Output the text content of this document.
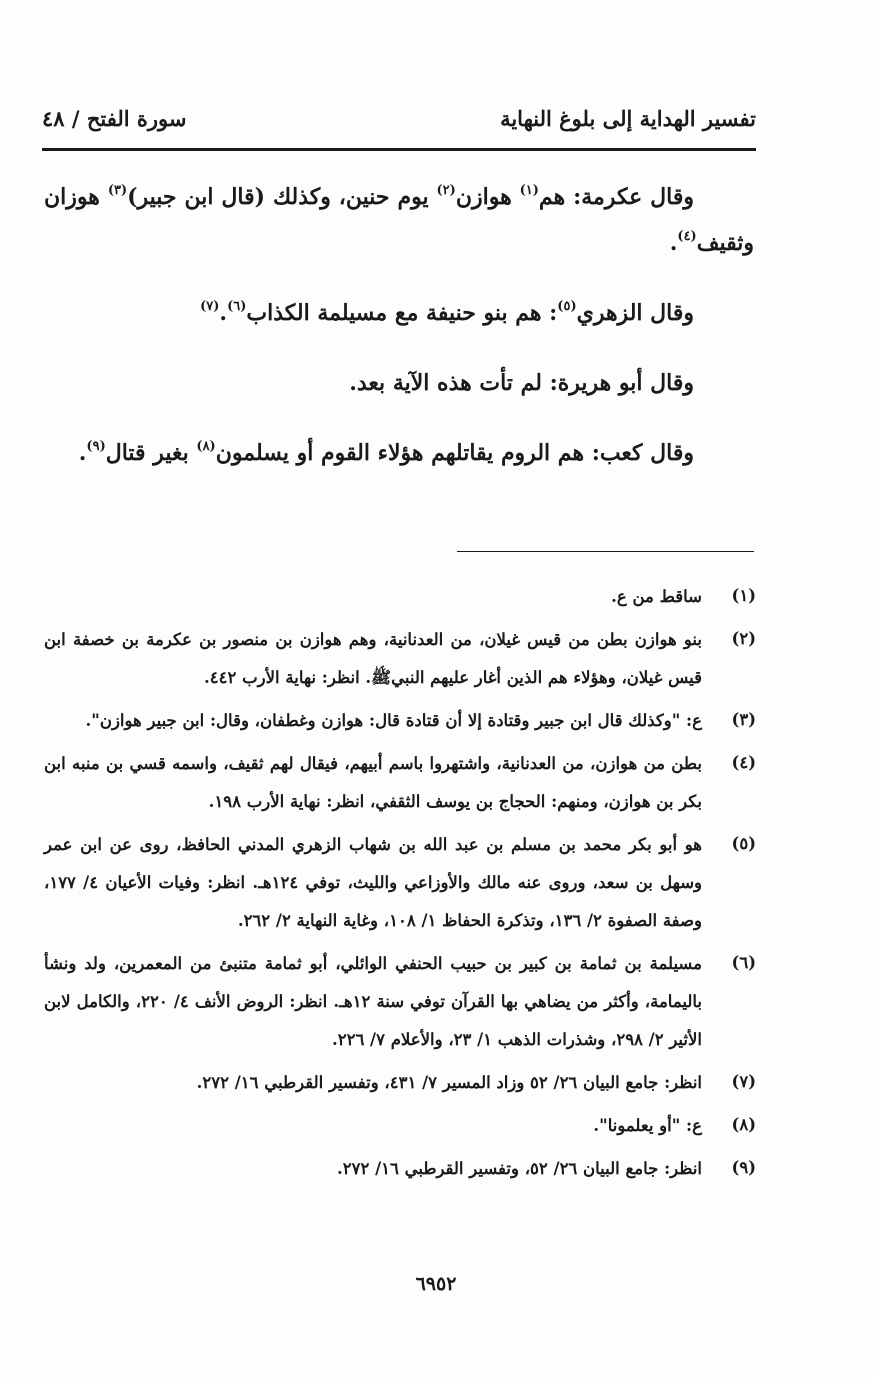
تفسير الهداية إلى بلوغ النهاية
سورة الفتح / ٤٨

وقال عكرمة: هم$^{(١)}$ هوازن$^{(٢)}$ يوم حنين، وكذلك (قال ابن جبير)$^{(٣)}$ هوزان وثقيف$^{(٤)}$.

وقال الزهري$^{(٥)}$: هم بنو حنيفة مع مسيلمة الكذاب$^{(٦)}$.$^{(٧)}$

وقال أبو هريرة: لم تأت هذه الآية بعد.

وقال كعب: هم الروم يقاتلهم هؤلاء القوم أو يسلمون$^{(٨)}$ بغير قتال$^{(٩)}$.

(١)
ساقط من ع.
(٢)
بنو هوازن بطن من قيس غيلان، من العدنانية، وهم هوازن بن منصور بن عكرمة بن خصفة ابن قيس غيلان، وهؤلاء هم الذين أغار عليهم النبيﷺ. انظر: نهاية الأرب ٤٤٢.
(٣)
ع: "وكذلك قال ابن جبير وقتادة إلا أن قتادة قال: هوازن وغطفان، وقال: ابن جبير هوازن".
(٤)
بطن من هوازن، من العدنانية، واشتهروا باسم أبيهم، فيقال لهم ثقيف، واسمه قسي بن منبه ابن بكر بن هوازن، ومنهم: الحجاج بن يوسف الثقفي، انظر: نهاية الأرب ١٩٨.
(٥)
هو أبو بكر محمد بن مسلم بن عبد الله بن شهاب الزهري المدني الحافظ، روى عن ابن عمر وسهل بن سعد، وروى عنه مالك والأوزاعي والليث، توفي ١٢٤هـ. انظر: وفيات الأعيان ٤/ ١٧٧، وصفة الصفوة ٢/ ١٣٦، وتذكرة الحفاظ ١/ ١٠٨، وغاية النهاية ٢/ ٢٦٢.
(٦)
مسيلمة بن ثمامة بن كبير بن حبيب الحنفي الوائلي، أبو ثمامة متنبئ من المعمرين، ولد ونشأ باليمامة، وأكثر من يضاهي بها القرآن توفي سنة ١٢هـ. انظر: الروض الأنف ٤/ ٢٢٠، والكامل لابن الأثير ٢/ ٢٩٨، وشذرات الذهب ١/ ٢٣، والأعلام ٧/ ٢٢٦.
(٧)
انظر: جامع البيان ٢٦/ ٥٢ وزاد المسير ٧/ ٤٣١، وتفسير القرطبي ١٦/ ٢٧٢.
(٨)
ع: "أو يعلمونا".
(٩)
انظر: جامع البيان ٢٦/ ٥٢، وتفسير القرطبي ١٦/ ٢٧٢.
٦٩٥٢
